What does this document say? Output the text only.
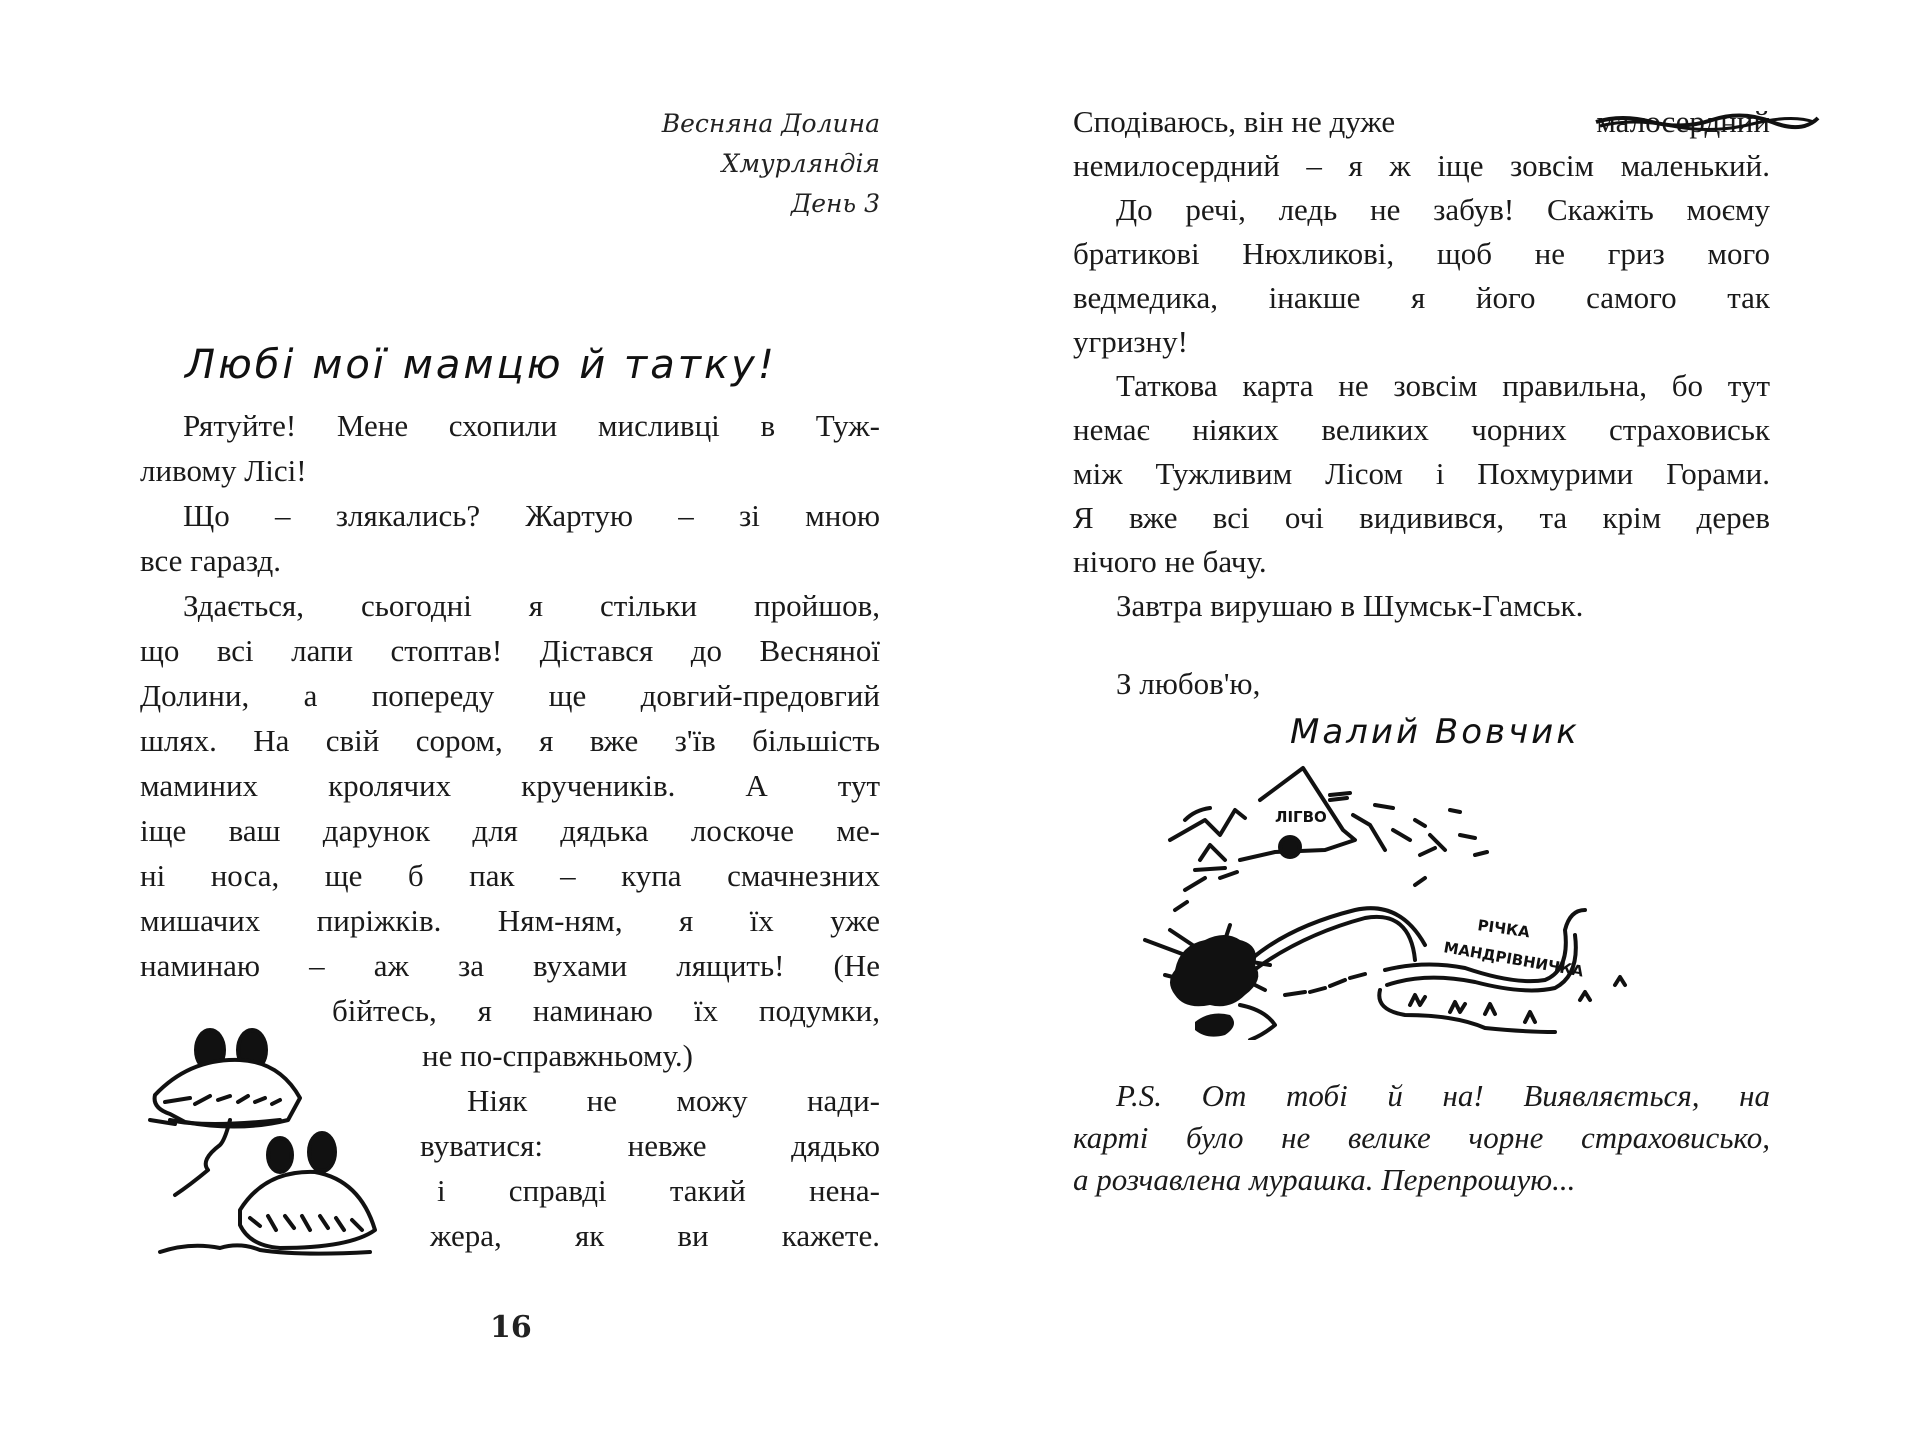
Весняна Долина
Хмурляндія
День 3
Любі мої мамцю й татку!
Рятуйте! Мене схопили мисливці в Туж-
ливому Лісі!
Що – злякались? Жартую – зі мною
все гаразд.
Здається, сьогодні я стільки пройшов,
що всі лапи стоптав! Дістався до Весняної
Долини, а попереду ще довгий-предовгий
шлях. На свій сором, я вже з'їв більшість
маминих кролячих кручеників. А тут
іще ваш дарунок для дядька лоскоче ме-
ні носа, ще б пак – купа смачнезних
мишачих пиріжків. Ням-ням, я їх уже
наминаю – аж за вухами лящить! (Не
бійтесь, я наминаю їх подумки,
не по-справжньому.)
Ніяк не можу нади-
вуватися: невже дядько
і справді такий нена-
жера, як ви кажете.
16
Сподіваюсь, він не дуже	малосердний
немилосердний – я ж іще зовсім маленький.
До речі, ледь не забув! Скажіть моєму
братикові Нюхликові, щоб не гриз мого
ведмедика, інакше я його самого так
угризну!
Таткова карта не зовсім правильна, бо тут
немає ніяких великих чорних страховиськ
між Тужливим Лісом і Похмурими Горами.
Я вже всі очі видивився, та крім дерев
нічого не бачу.
Завтра вирушаю в Шумськ-Гамськ.
З любов'ю,
Малий Вовчик
ЛІГВО
РІЧКА
МАНДРІВНИЧКА
P.S. От тобі й на! Виявляється, на
карті було не велике чорне страховисько,
а розчавлена мурашка. Перепрошую...
